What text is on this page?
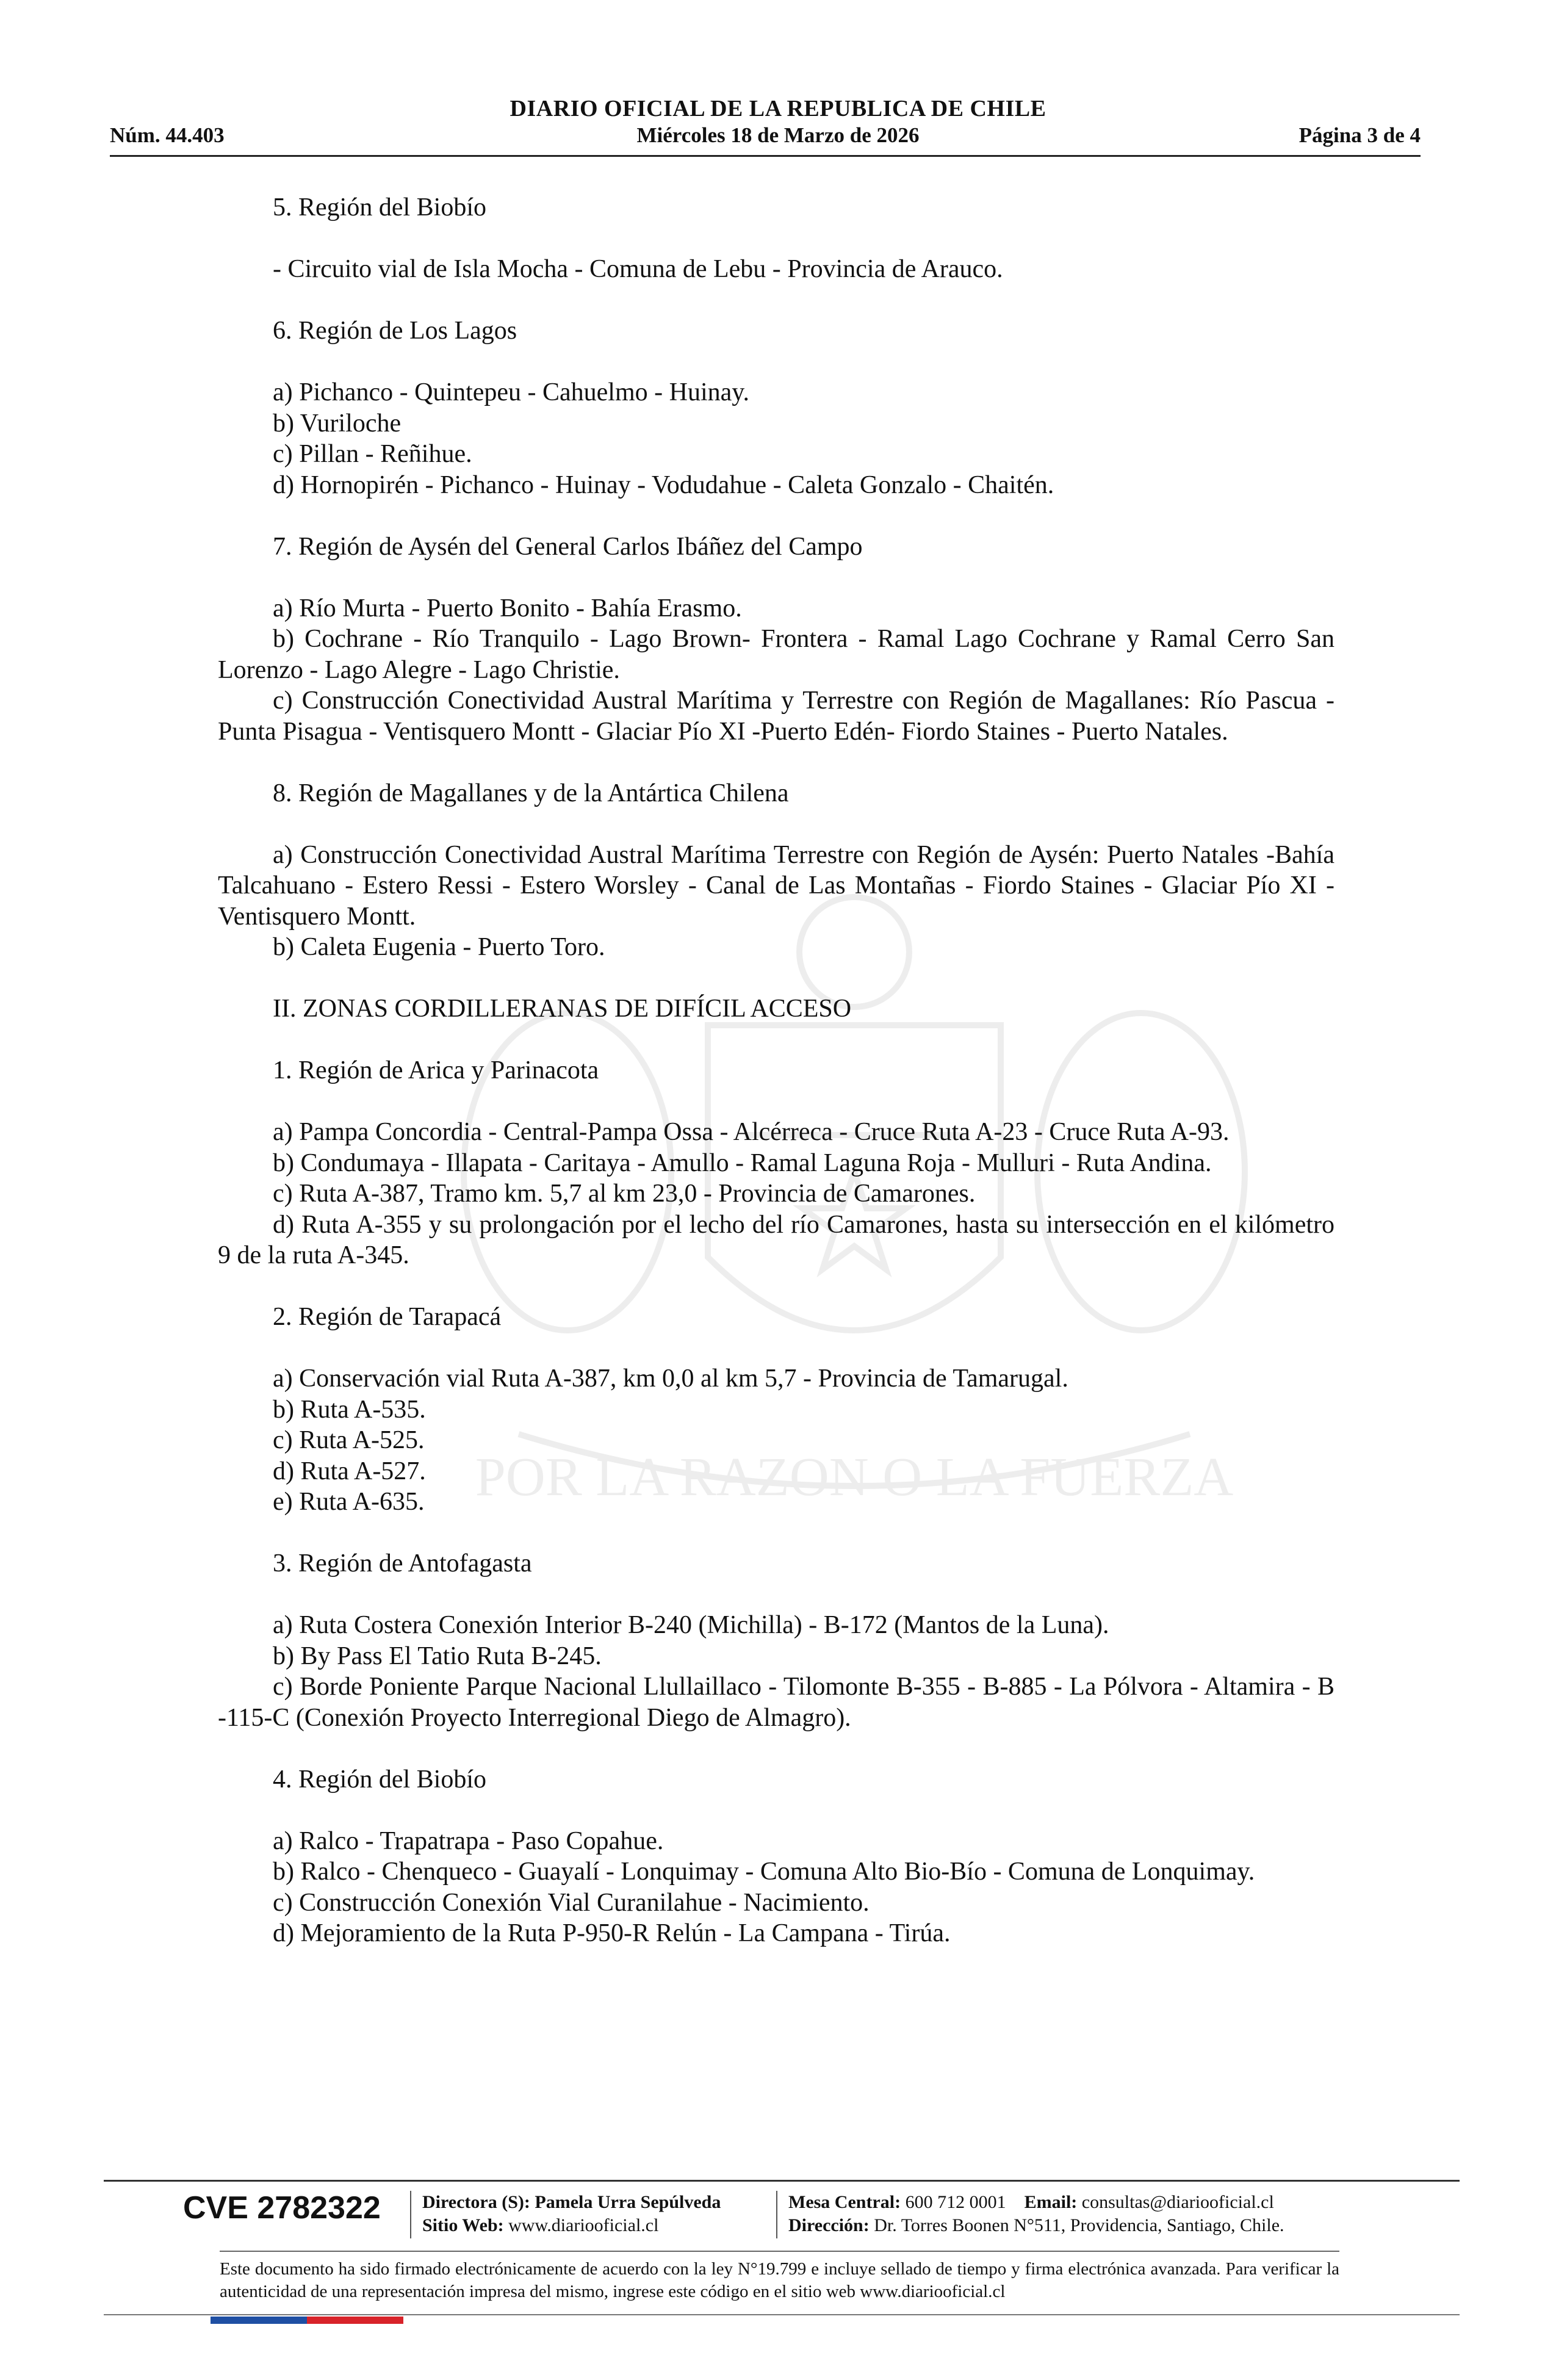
DIARIO OFICIAL DE LA REPUBLICA DE CHILE
Núm. 44.403	Miércoles 18 de Marzo de 2026	Página 3 de 4
POR LA RAZON O LA FUERZA

5. Región del Biobío

- Circuito vial de Isla Mocha - Comuna de Lebu - Provincia de Arauco.

6. Región de Los Lagos

a) Pichanco - Quintepeu - Cahuelmo - Huinay.

b) Vuriloche

c) Pillan - Reñihue.

d) Hornopirén - Pichanco - Huinay - Vodudahue - Caleta Gonzalo - Chaitén.

7. Región de Aysén del General Carlos Ibáñez del Campo

a) Río Murta - Puerto Bonito - Bahía Erasmo.

b) Cochrane - Río Tranquilo - Lago Brown- Frontera - Ramal Lago Cochrane y Ramal Cerro San Lorenzo - Lago Alegre - Lago Christie.

c) Construcción Conectividad Austral Marítima y Terrestre con Región de Magallanes: Río Pascua - Punta Pisagua - Ventisquero Montt - Glaciar Pío XI -Puerto Edén- Fiordo Staines - Puerto Natales.

8. Región de Magallanes y de la Antártica Chilena

a) Construcción Conectividad Austral Marítima Terrestre con Región de Aysén: Puerto Natales -Bahía Talcahuano - Estero Ressi - Estero Worsley - Canal de Las Montañas - Fiordo Staines - Glaciar Pío XI - Ventisquero Montt.

b) Caleta Eugenia - Puerto Toro.

II. ZONAS CORDILLERANAS DE DIFÍCIL ACCESO

1. Región de Arica y Parinacota

a) Pampa Concordia - Central-Pampa Ossa - Alcérreca - Cruce Ruta A-23 - Cruce Ruta A-93.

b) Condumaya - Illapata - Caritaya - Amullo - Ramal Laguna Roja - Mulluri - Ruta Andina.

c) Ruta A-387, Tramo km. 5,7 al km 23,0 - Provincia de Camarones.

d) Ruta A-355 y su prolongación por el lecho del río Camarones, hasta su intersección en el kilómetro 9 de la ruta A-345.

2. Región de Tarapacá

a) Conservación vial Ruta A-387, km 0,0 al km 5,7 - Provincia de Tamarugal.

b) Ruta A-535.

c) Ruta A-525.

d) Ruta A-527.

e) Ruta A-635.

3. Región de Antofagasta

a) Ruta Costera Conexión Interior B-240 (Michilla) - B-172 (Mantos de la Luna).

b) By Pass El Tatio Ruta B-245.

c) Borde Poniente Parque Nacional Llullaillaco - Tilomonte B-355 - B-885 - La Pólvora - Altamira - B -115-C (Conexión Proyecto Interregional Diego de Almagro).

4. Región del Biobío

a) Ralco - Trapatrapa - Paso Copahue.

b) Ralco - Chenqueco - Guayalí - Lonquimay - Comuna Alto Bio-Bío - Comuna de Lonquimay.

c) Construcción Conexión Vial Curanilahue - Nacimiento.

d) Mejoramiento de la Ruta P-950-R Relún - La Campana - Tirúa.

CVE 2782322 Directora (S): Pamela Urra Sepúlveda
Sitio Web: www.diariooficial.cl
Mesa Central: 600 712 0001 Email: consultas@diariooficial.cl
Dirección: Dr. Torres Boonen N°511, Providencia, Santiago, Chile.
Este documento ha sido firmado electrónicamente de acuerdo con la ley N°19.799 e incluye sellado de tiempo y firma electrónica avanzada. Para verificar la autenticidad de una representación impresa del mismo, ingrese este código en el sitio web www.diariooficial.cl
